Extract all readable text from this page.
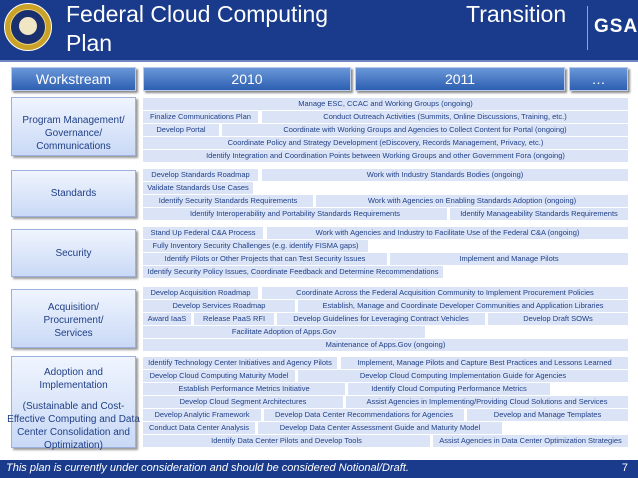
Federal Cloud Computing	Transition
Plan
GSA
Workstream	2010	2011	…
Program Management/
Governance/
Communications
Manage ESC, CCAC and Working Groups (ongoing)
Finalize Communications Plan	Conduct Outreach Activities (Summits, Online Discussions, Training, etc.)
Develop Portal	Coordinate with Working Groups and Agencies to Collect Content for Portal (ongoing)
Coordinate Policy and Strategy Development (eDiscovery, Records Management, Privacy, etc.)
Identify Integration and Coordination Points between Working Groups and other Government Fora (ongoing)
Standards
Develop Standards Roadmap	Work with Industry Standards Bodies (ongoing)
Validate Standards Use Cases
Identify Security Standards Requirements	Work with Agencies on Enabling Standards Adoption (ongoing)
Identify Interoperability and Portability Standards Requirements	Identify Manageability Standards Requirements
Security
Stand Up Federal C&A Process	Work with Agencies and Industry to Facilitate Use of the Federal C&A (ongoing)
Fully Inventory Security Challenges (e.g. identify FISMA gaps)
Identify Pilots or Other Projects that can Test Security Issues	Implement and Manage Pilots
Identify Security Policy Issues, Coordinate Feedback and Determine Recommendations
Acquisition/
Procurement/
Services
Develop Acquisition Roadmap	Coordinate Across the Federal Acquisition Community to Implement Procurement Policies
Develop Services Roadmap	Establish, Manage and Coordinate Developer Communities and Application Libraries
Award IaaS	Release PaaS RFI	Develop Guidelines for Leveraging Contract Vehicles	Develop Draft SOWs
Facilitate Adoption of Apps.Gov
Maintenance of Apps.Gov (ongoing)
Adoption and
Implementation
(Sustainable and Cost-
Effective Computing and Data
Center Consolidation and
Optimization)
Identify Technology Center Initiatives and Agency Pilots	Implement, Manage Pilots and Capture Best Practices and Lessons Learned
Develop Cloud Computing Maturity Model	Develop Cloud Computing Implementation Guide for Agencies
Establish Performance Metrics Initiative	Identify Cloud Computing Performance Metrics
Develop Cloud Segment Architectures	Assist Agencies in Implementing/Providing Cloud Solutions and Services
Develop Analytic Framework	Develop Data Center Recommendations for Agencies	Develop and Manage Templates
Conduct Data Center Analysis	Develop Data Center Assessment Guide and Maturity Model
Identify Data Center Pilots and Develop Tools	Assist Agencies in Data Center Optimization Strategies
This plan is currently under consideration and should be considered Notional/Draft.	7
